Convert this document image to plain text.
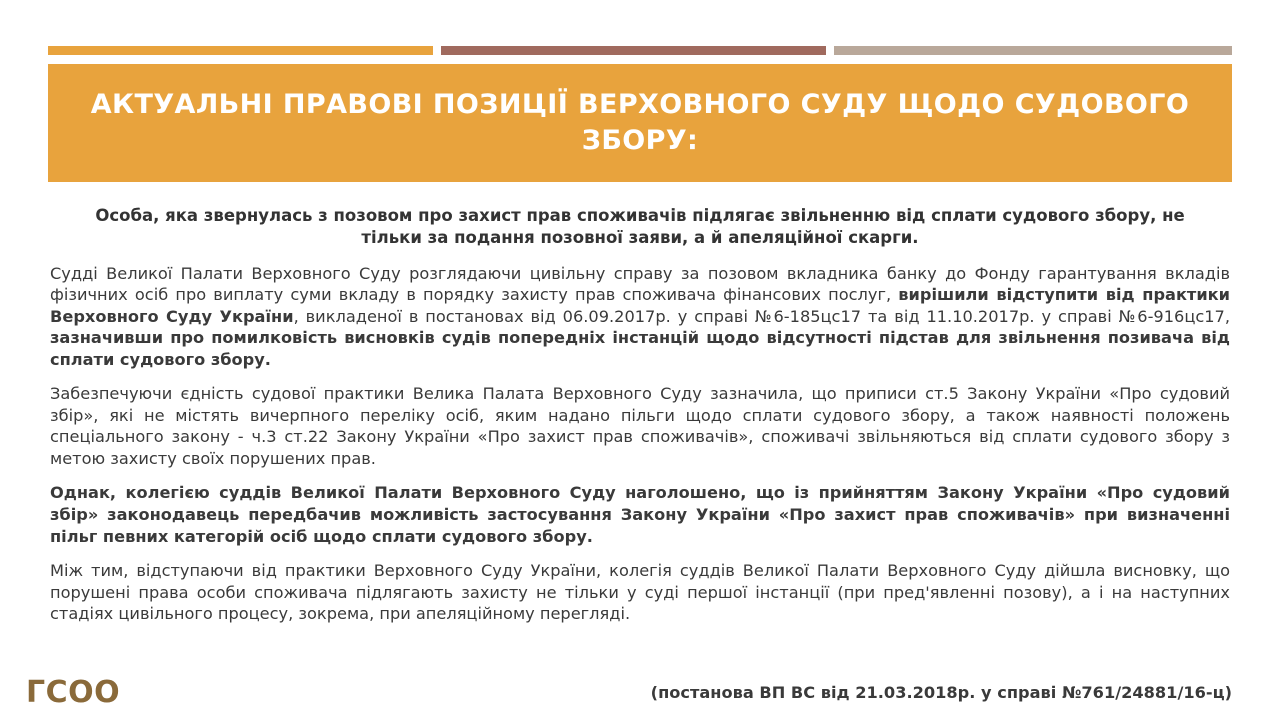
АКТУАЛЬНІ ПРАВОВІ ПОЗИЦІЇ ВЕРХОВНОГО СУДУ ЩОДО СУДОВОГО ЗБОРУ:
Особа, яка звернулась з позовом про захист прав споживачів підлягає звільненню від сплати судового збору, не тільки за подання позовної заяви, а й апеляційної скарги.

Судді Великої Палати Верховного Суду розглядаючи цивільну справу за позовом вкладника банку до Фонду гарантування вкладів фізичних осіб про виплату суми вкладу в порядку захисту прав споживача фінансових послуг, вирішили відступити від практики Верховного Суду України, викладеної в постановах від 06.09.2017р. у справі №6-185цс17 та від 11.10.2017р. у справі №6-916цс17, зазначивши про помилковість висновків судів попередніх інстанцій щодо відсутності підстав для звільнення позивача від сплати судового збору.

Забезпечуючи єдність судової практики Велика Палата Верховного Суду зазначила, що приписи ст.5 Закону України «Про судовий збір», які не містять вичерпного переліку осіб, яким надано пільги щодо сплати судового збору, а також наявності положень спеціального закону - ч.3 ст.22 Закону України «Про захист прав споживачів», споживачі звільняються від сплати судового збору з метою захисту своїх порушених прав.

Однак, колегією суддів Великої Палати Верховного Суду наголошено, що із прийняттям Закону України «Про судовий збір» законодавець передбачив можливість застосування Закону України «Про захист прав споживачів» при визначенні пільг певних категорій осіб щодо сплати судового збору.

Між тим, відступаючи від практики Верховного Суду України, колегія суддів Великої Палати Верховного Суду дійшла висновку, що порушені права особи споживача підлягають захисту не тільки у суді першої інстанції (при пред'явленні позову), а і на наступних стадіях цивільного процесу, зокрема, при апеляційному перегляді.

ГСОО	(постанова ВП ВС від 21.03.2018р. у справі №761/24881/16-ц)
